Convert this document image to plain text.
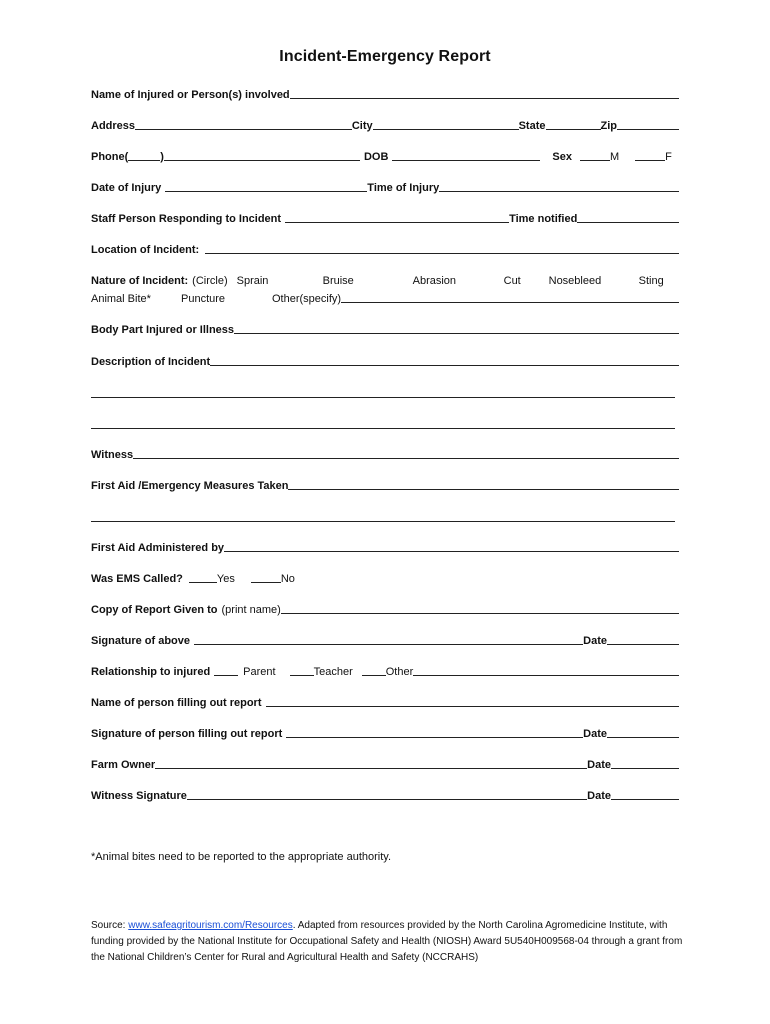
Incident-Emergency Report
Name of Injured or Person(s) involved
Address	City	State	Zip
Phone(	)	DOB	Sex	M	F
Date of Injury	Time of Injury
Staff Person Responding to Incident	Time notified
Location of Incident:
Nature of Incident: (Circle) Sprain	Bruise	Abrasion	Cut	Nosebleed	Sting
Animal Bite*	Puncture	Other(specify)
Body Part Injured or Illness
Description of Incident
Witness
First Aid /Emergency Measures Taken
First Aid Administered by
Was EMS Called?	Yes	No
Copy of Report Given to (print name)
Signature of above	Date
Relationship to injured	Parent	Teacher	Other
Name of person filling out report
Signature of person filling out report	Date
Farm Owner	Date
Witness Signature	Date
*Animal bites need to be reported to the appropriate authority.
Source: www.safeagritourism.com/Resources. Adapted from resources provided by the North Carolina Agromedicine Institute, with funding provided by the National Institute for Occupational Safety and Health (NIOSH) Award 5U540H009568-04 through a grant from the National Children’s Center for Rural and Agricultural Health and Safety (NCCRAHS)
